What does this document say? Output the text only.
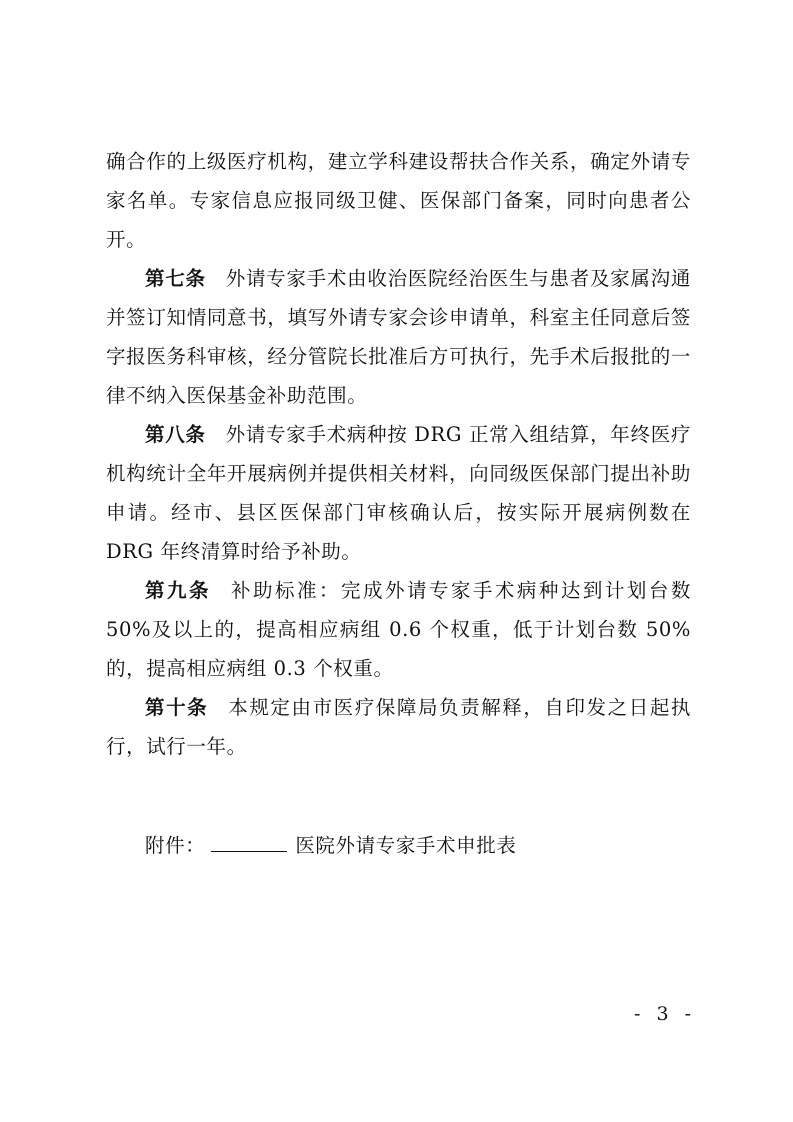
确合作的上级医疗机构，建立学科建设帮扶合作关系，确定外请专家名单。专家信息应报同级卫健、医保部门备案，同时向患者公开。

第七条 外请专家手术由收治医院经治医生与患者及家属沟通并签订知情同意书，填写外请专家会诊申请单，科室主任同意后签字报医务科审核，经分管院长批准后方可执行，先手术后报批的一律不纳入医保基金补助范围。

第八条 外请专家手术病种按 DRG 正常入组结算，年终医疗机构统计全年开展病例并提供相关材料，向同级医保部门提出补助申请。经市、县区医保部门审核确认后，按实际开展病例数在 DRG 年终清算时给予补助。

第九条 补助标准：完成外请专家手术病种达到计划台数50%及以上的，提高相应病组 0.6 个权重，低于计划台数 50%的，提高相应病组 0.3 个权重。

第十条 本规定由市医疗保障局负责解释，自印发之日起执行，试行一年。

附件：	医院外请专家手术申批表
- 3 -
